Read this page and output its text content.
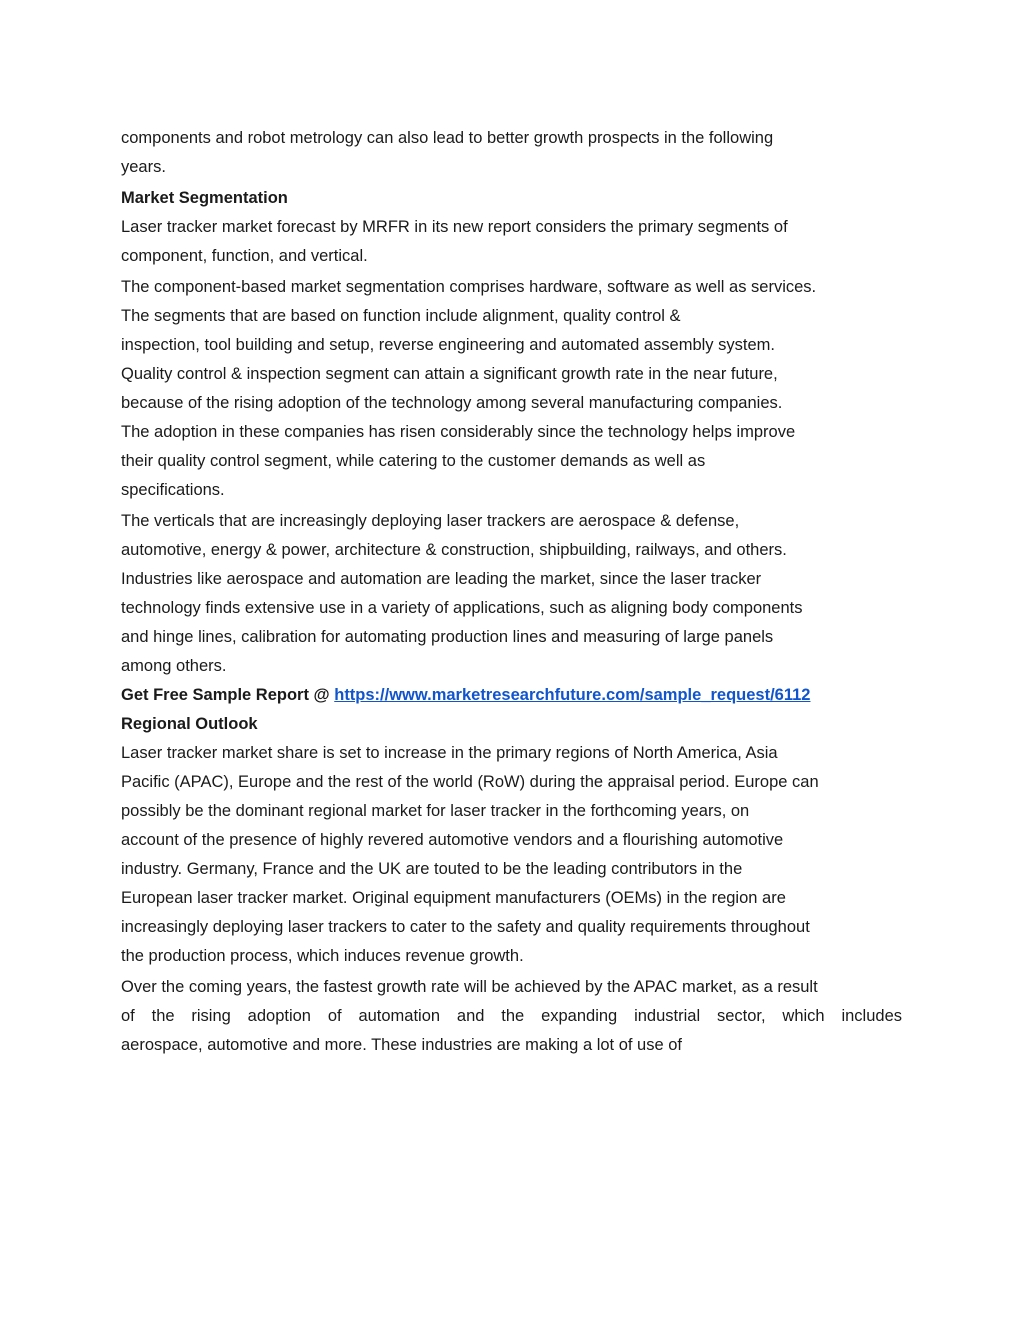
components and robot metrology can also lead to better growth prospects in the following
years.
Market Segmentation
Laser tracker market forecast by MRFR in its new report considers the primary segments of
component, function, and vertical.
The component-based market segmentation comprises hardware, software as well as services.
The segments that are based on function include alignment, quality control &
inspection, tool building and setup, reverse engineering and automated assembly system.
Quality control & inspection segment can attain a significant growth rate in the near future,
because of the rising adoption of the technology among several manufacturing companies.
The adoption in these companies has risen considerably since the technology helps improve
their quality control segment, while catering to the customer demands as well as
specifications.
The verticals that are increasingly deploying laser trackers are aerospace & defense,
automotive, energy & power, architecture & construction, shipbuilding, railways, and others.
Industries like aerospace and automation are leading the market, since the laser tracker
technology finds extensive use in a variety of applications, such as aligning body components
and hinge lines, calibration for automating production lines and measuring of large panels
among others.
Get Free Sample Report @ https://www.marketresearchfuture.com/sample_request/6112
Regional Outlook
Laser tracker market share is set to increase in the primary regions of North America, Asia
Pacific (APAC), Europe and the rest of the world (RoW) during the appraisal period. Europe can
possibly be the dominant regional market for laser tracker in the forthcoming years, on
account of the presence of highly revered automotive vendors and a flourishing automotive
industry. Germany, France and the UK are touted to be the leading contributors in the
European laser tracker market. Original equipment manufacturers (OEMs) in the region are
increasingly deploying laser trackers to cater to the safety and quality requirements throughout
the production process, which induces revenue growth.
Over the coming years, the fastest growth rate will be achieved by the APAC market, as a result
of the rising adoption of automation and the expanding industrial sector, which includes
aerospace, automotive and more. These industries are making a lot of use of
